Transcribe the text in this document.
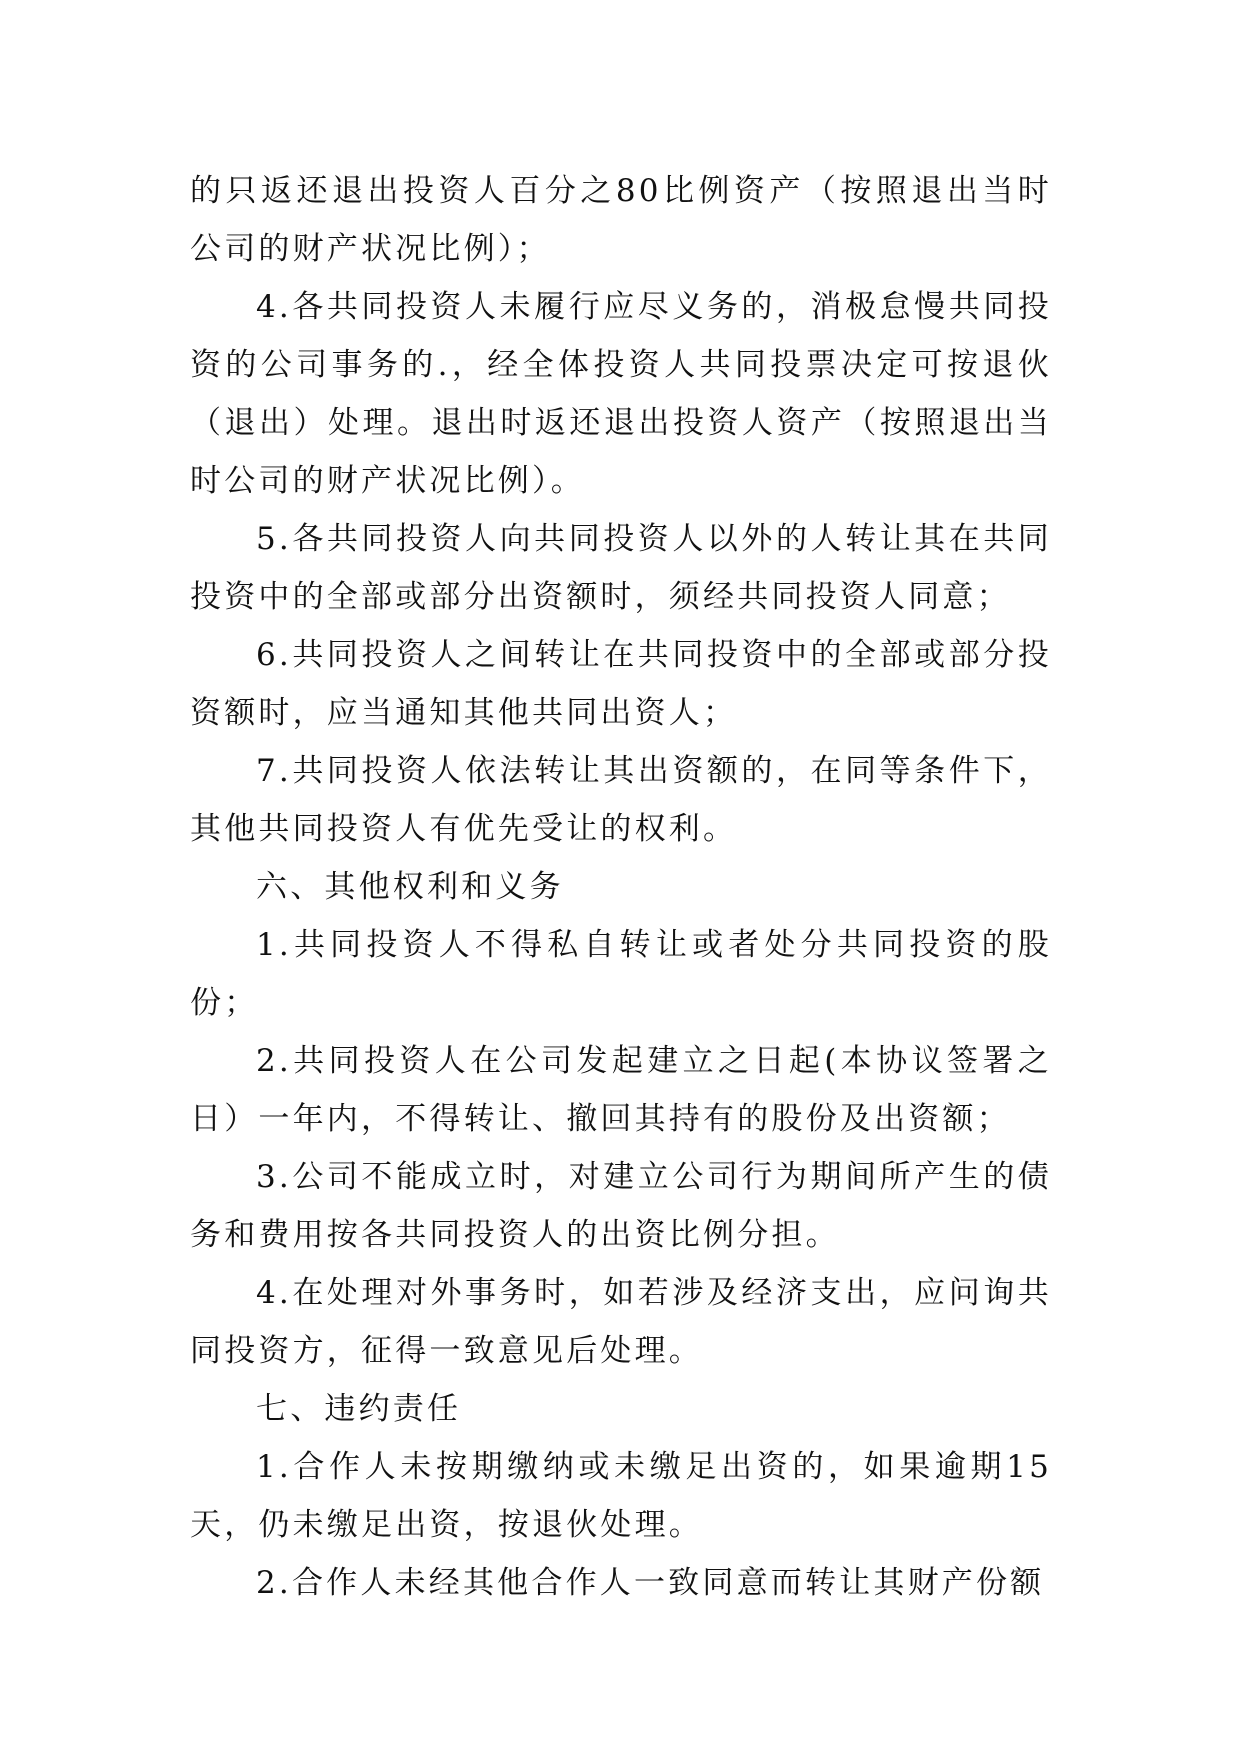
的只返还退出投资人百分之80比例资产（按照退出当时公司的财产状况比例）；

4.各共同投资人未履行应尽义务的，消极怠慢共同投资的公司事务的.，经全体投资人共同投票决定可按退伙（退出）处理。退出时返还退出投资人资产（按照退出当时公司的财产状况比例）。

5.各共同投资人向共同投资人以外的人转让其在共同投资中的全部或部分出资额时，须经共同投资人同意；

6.共同投资人之间转让在共同投资中的全部或部分投资额时，应当通知其他共同出资人；

7.共同投资人依法转让其出资额的，在同等条件下，其他共同投资人有优先受让的权利。

六、其他权利和义务

1.共同投资人不得私自转让或者处分共同投资的股份；

2.共同投资人在公司发起建立之日起(本协议签署之日）一年内，不得转让、撤回其持有的股份及出资额；

3.公司不能成立时，对建立公司行为期间所产生的债务和费用按各共同投资人的出资比例分担。

4.在处理对外事务时，如若涉及经济支出，应问询共同投资方，征得一致意见后处理。

七、违约责任

1.合作人未按期缴纳或未缴足出资的，如果逾期15天，仍未缴足出资，按退伙处理。

2.合作人未经其他合作人一致同意而转让其财产份额
